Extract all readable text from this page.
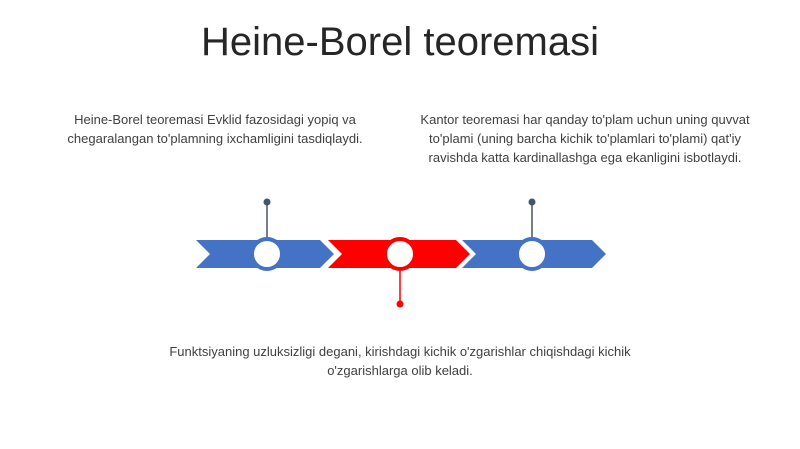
Heine-Borel teoremasi
Heine-Borel teoremasi Evklid fazosidagi yopiq va chegaralangan to'plamning ixchamligini tasdiqlaydi.
Kantor teoremasi har qanday to'plam uchun uning quvvat to'plami (uning barcha kichik to'plamlari to'plami) qat'iy ravishda katta kardinallashga ega ekanligini isbotlaydi.
Funktsiyaning uzluksizligi degani, kirishdagi kichik o'zgarishlar chiqishdagi kichik o'zgarishlarga olib keladi.
